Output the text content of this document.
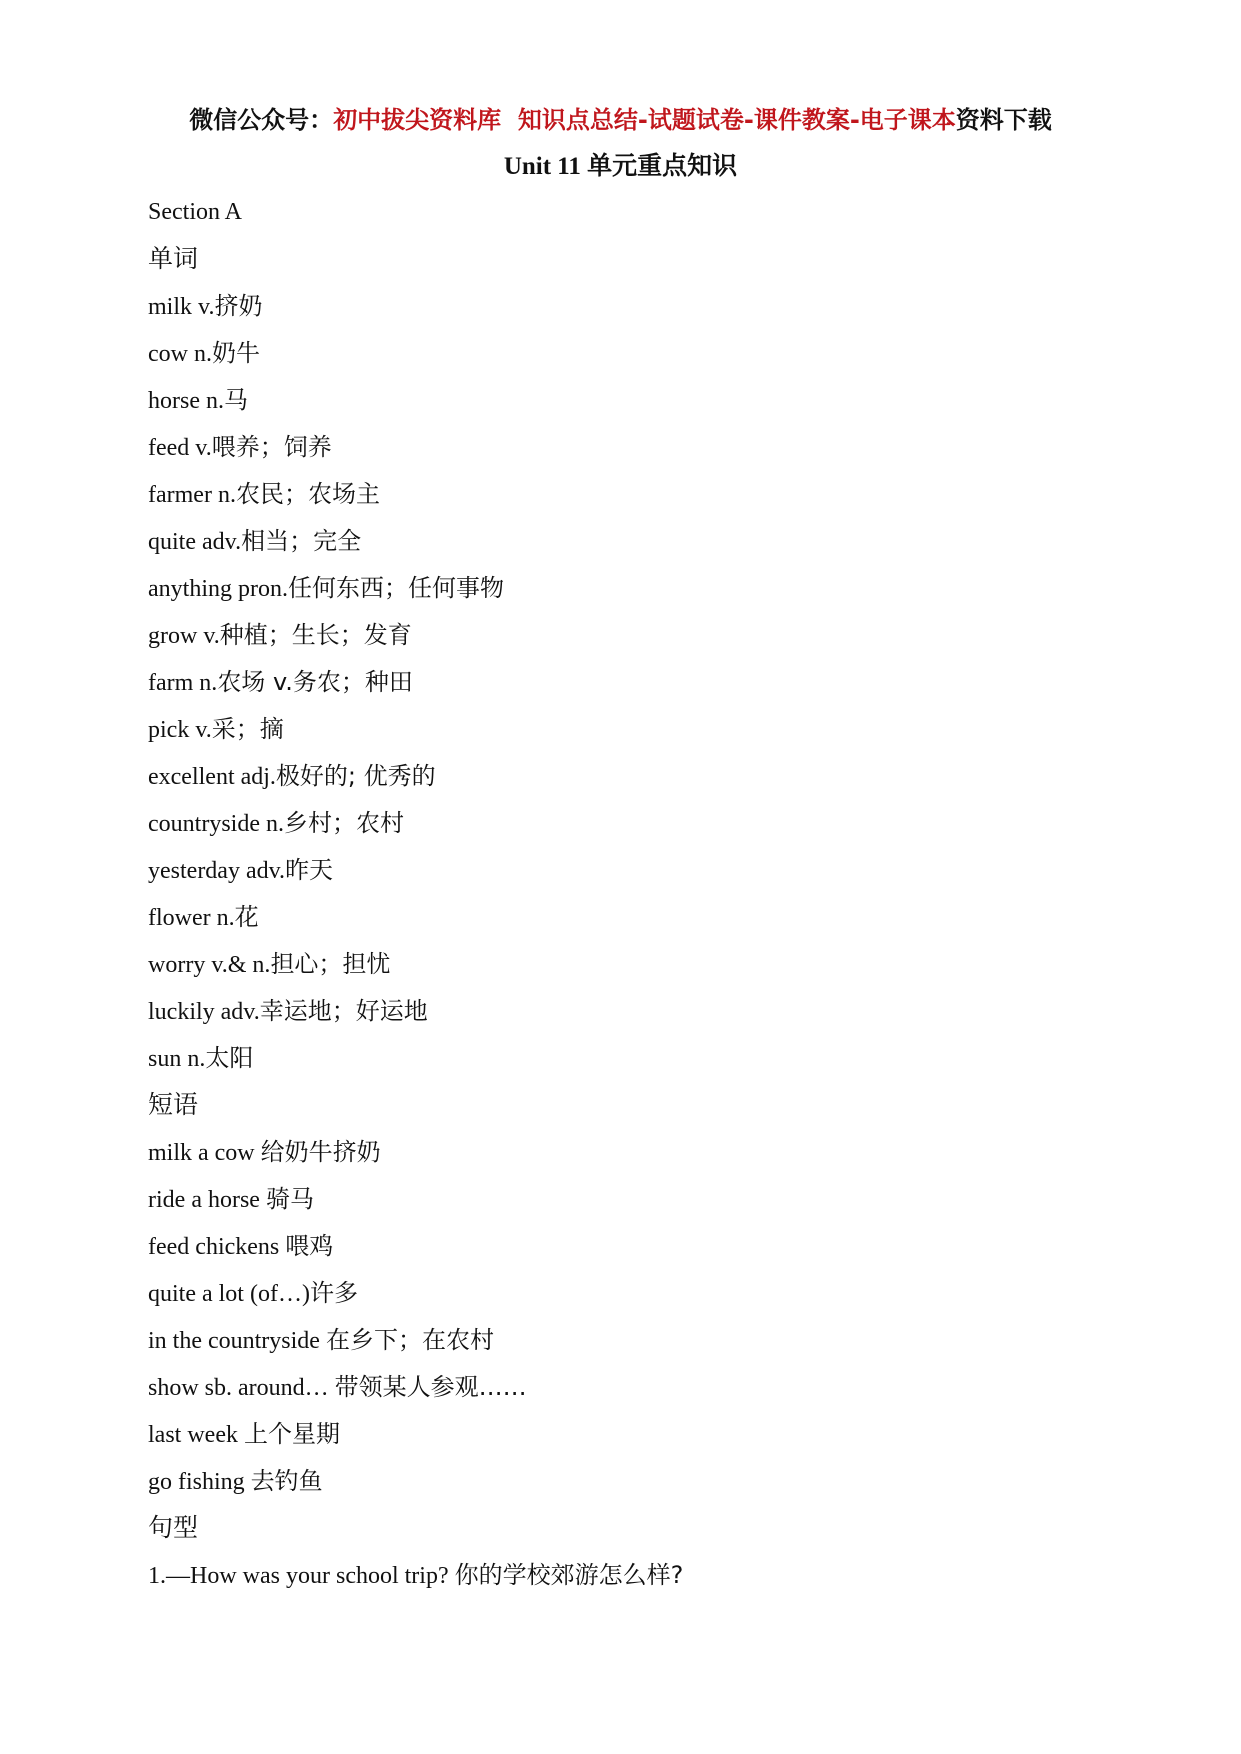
微信公众号：初中拔尖资料库 知识点总结-试题试卷-课件教案-电子课本资料下载
Unit 11 单元重点知识
Section A
单词
milk v.挤奶
cow n.奶牛
horse n.马
feed v.喂养；饲养
farmer n.农民；农场主
quite adv.相当；完全
anything pron.任何东西；任何事物
grow v.种植；生长；发育
farm n.农场 v.务农；种田
pick v.采；摘
excellent adj.极好的; 优秀的
countryside n.乡村；农村
yesterday adv.昨天
flower n.花
worry v.& n.担心；担忧
luckily adv.幸运地；好运地
sun n.太阳
短语
milk a cow 给奶牛挤奶
ride a horse 骑马
feed chickens 喂鸡
quite a lot (of…)许多
in the countryside 在乡下；在农村
show sb. around… 带领某人参观……
last week 上个星期
go fishing 去钓鱼
句型
1.—How was your school trip? 你的学校郊游怎么样?
